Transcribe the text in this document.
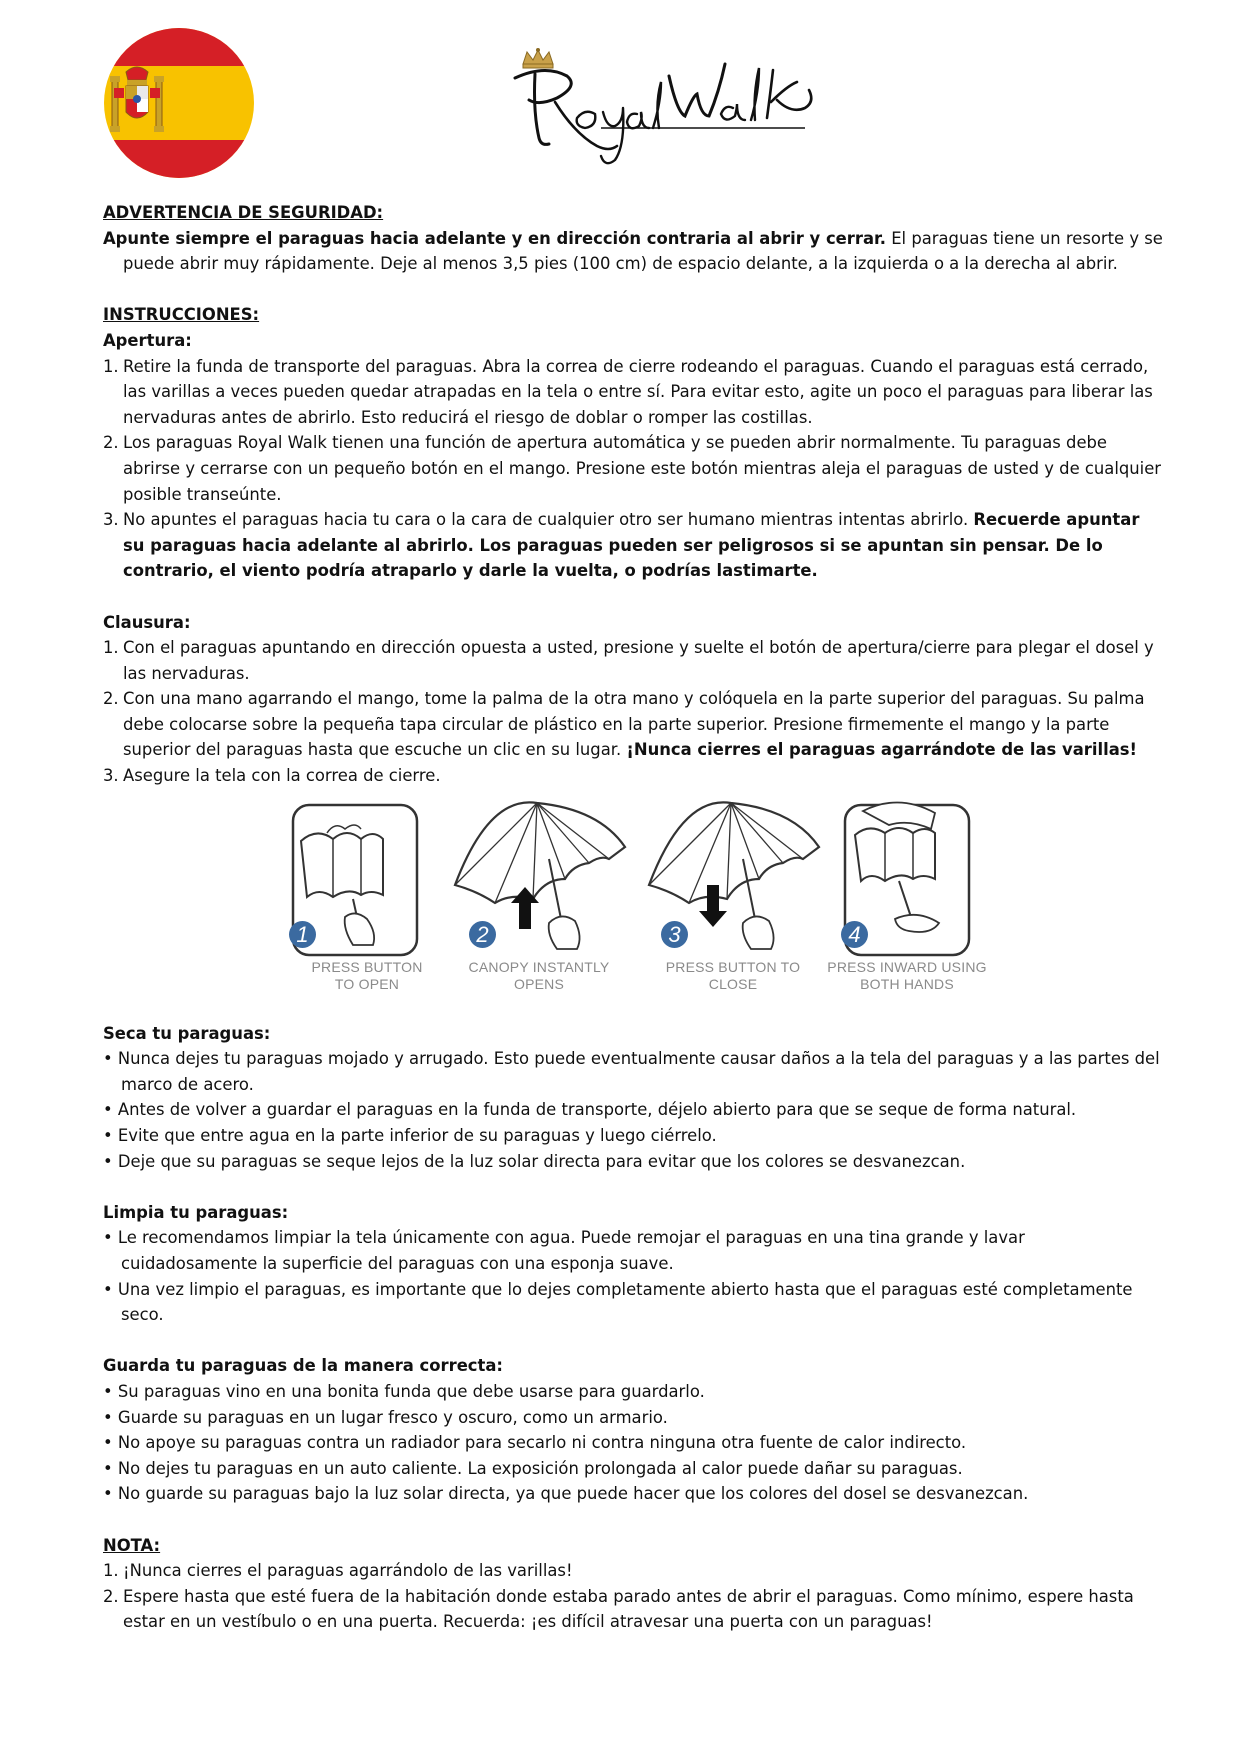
ADVERTENCIA DE SEGURIDAD:

Apunte siempre el paraguas hacia adelante y en dirección contraria al abrir y cerrar. El paraguas tiene un resorte y se puede abrir muy rápidamente. Deje al menos 3,5 pies (100 cm) de espacio delante, a la izquierda o a la derecha al abrir.

INSTRUCCIONES:

Apertura:

1. Retire la funda de transporte del paraguas. Abra la correa de cierre rodeando el paraguas. Cuando el paraguas está cerrado, las varillas a veces pueden quedar atrapadas en la tela o entre sí. Para evitar esto, agite un poco el paraguas para liberar las nervaduras antes de abrirlo. Esto reducirá el riesgo de doblar o romper las costillas.

2. Los paraguas Royal Walk tienen una función de apertura automática y se pueden abrir normalmente. Tu paraguas debe abrirse y cerrarse con un pequeño botón en el mango. Presione este botón mientras aleja el paraguas de usted y de cualquier posible transeúnte.

3. No apuntes el paraguas hacia tu cara o la cara de cualquier otro ser humano mientras intentas abrirlo. Recuerde apuntar su paraguas hacia adelante al abrirlo. Los paraguas pueden ser peligrosos si se apuntan sin pensar. De lo contrario, el viento podría atraparlo y darle la vuelta, o podrías lastimarte.

Clausura:

1. Con el paraguas apuntando en dirección opuesta a usted, presione y suelte el botón de apertura/cierre para plegar el dosel y las nervaduras.

2. Con una mano agarrando el mango, tome la palma de la otra mano y colóquela en la parte superior del paraguas. Su palma debe colocarse sobre la pequeña tapa circular de plástico en la parte superior. Presione firmemente el mango y la parte superior del paraguas hasta que escuche un clic en su lugar. ¡Nunca cierres el paraguas agarrándote de las varillas!

3. Asegure la tela con la correa de cierre.

1
PRESS BUTTON
TO OPEN
2
CANOPY INSTANTLY
OPENS
3
PRESS BUTTON TO
CLOSE
4
PRESS INWARD USING
BOTH HANDS

Seca tu paraguas:

• Nunca dejes tu paraguas mojado y arrugado. Esto puede eventualmente causar daños a la tela del paraguas y a las partes del marco de acero.

• Antes de volver a guardar el paraguas en la funda de transporte, déjelo abierto para que se seque de forma natural.

• Evite que entre agua en la parte inferior de su paraguas y luego ciérrelo.

• Deje que su paraguas se seque lejos de la luz solar directa para evitar que los colores se desvanezcan.

Limpia tu paraguas:

• Le recomendamos limpiar la tela únicamente con agua. Puede remojar el paraguas en una tina grande y lavar cuidadosamente la superficie del paraguas con una esponja suave.

• Una vez limpio el paraguas, es importante que lo dejes completamente abierto hasta que el paraguas esté completamente seco.

Guarda tu paraguas de la manera correcta:

• Su paraguas vino en una bonita funda que debe usarse para guardarlo.

• Guarde su paraguas en un lugar fresco y oscuro, como un armario.

• No apoye su paraguas contra un radiador para secarlo ni contra ninguna otra fuente de calor indirecto.

• No dejes tu paraguas en un auto caliente. La exposición prolongada al calor puede dañar su paraguas.

• No guarde su paraguas bajo la luz solar directa, ya que puede hacer que los colores del dosel se desvanezcan.

NOTA:

1. ¡Nunca cierres el paraguas agarrándolo de las varillas!

2. Espere hasta que esté fuera de la habitación donde estaba parado antes de abrir el paraguas. Como mínimo, espere hasta estar en un vestíbulo o en una puerta. Recuerda: ¡es difícil atravesar una puerta con un paraguas!
